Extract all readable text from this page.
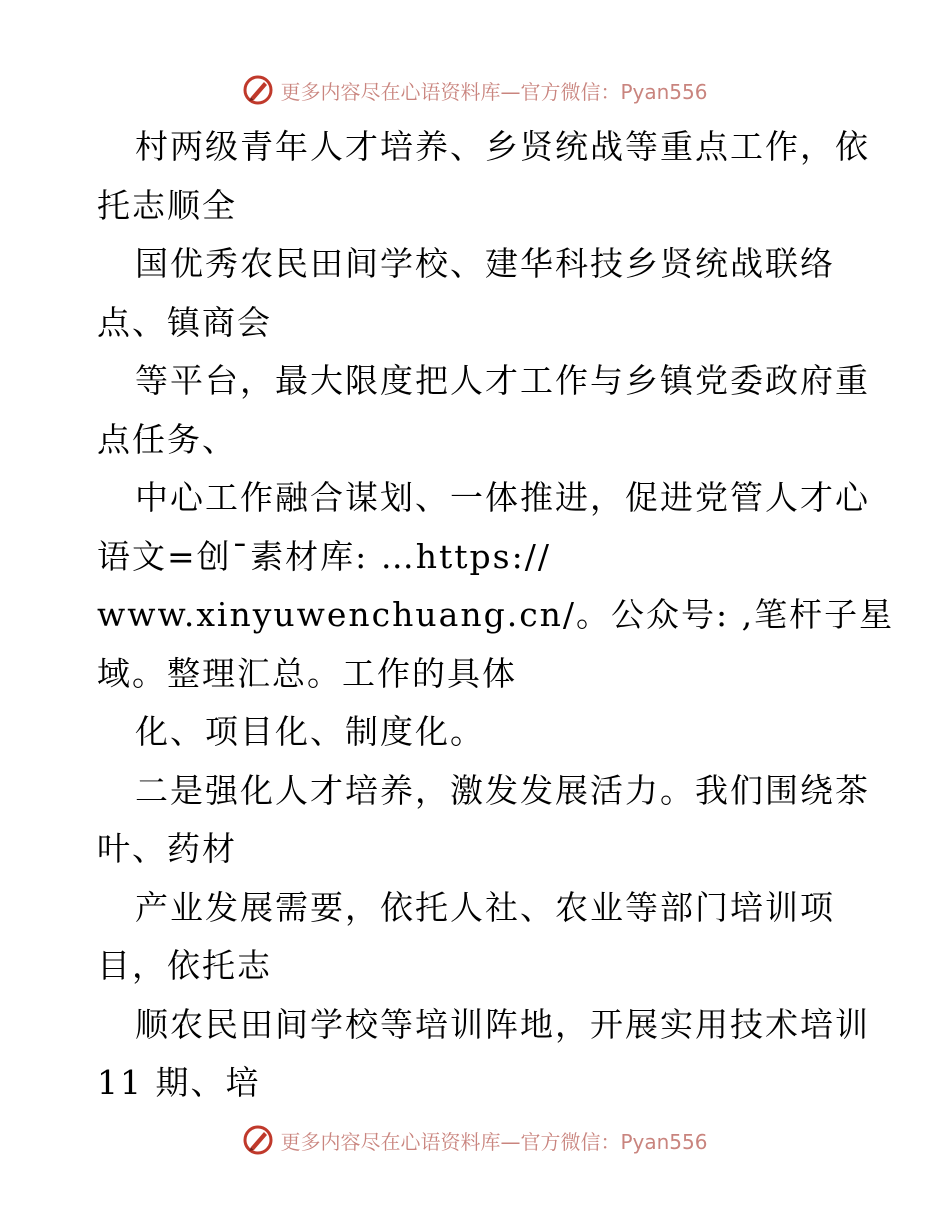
更多内容尽在心语资料库—官方微信：Pyan556
村两级青年人才培养、乡贤统战等重点工作，依
托志顺全
国优秀农民田间学校、建华科技乡贤统战联络
点、镇商会
等平台，最大限度把人才工作与乡镇党委政府重
点任务、
中心工作融合谋划、一体推进，促进党管人才心
语文=创¯素材库: …https://
www.xinyuwenchuang.cn/。公众号: ,笔杆子星
域。整理汇总。工作的具体
化、项目化、制度化。
二是强化人才培养，激发发展活力。我们围绕茶
叶、药材
产业发展需要，依托人社、农业等部门培训项
目，依托志
顺农民田间学校等培训阵地，开展实用技术培训
11 期、培
更多内容尽在心语资料库—官方微信：Pyan556
